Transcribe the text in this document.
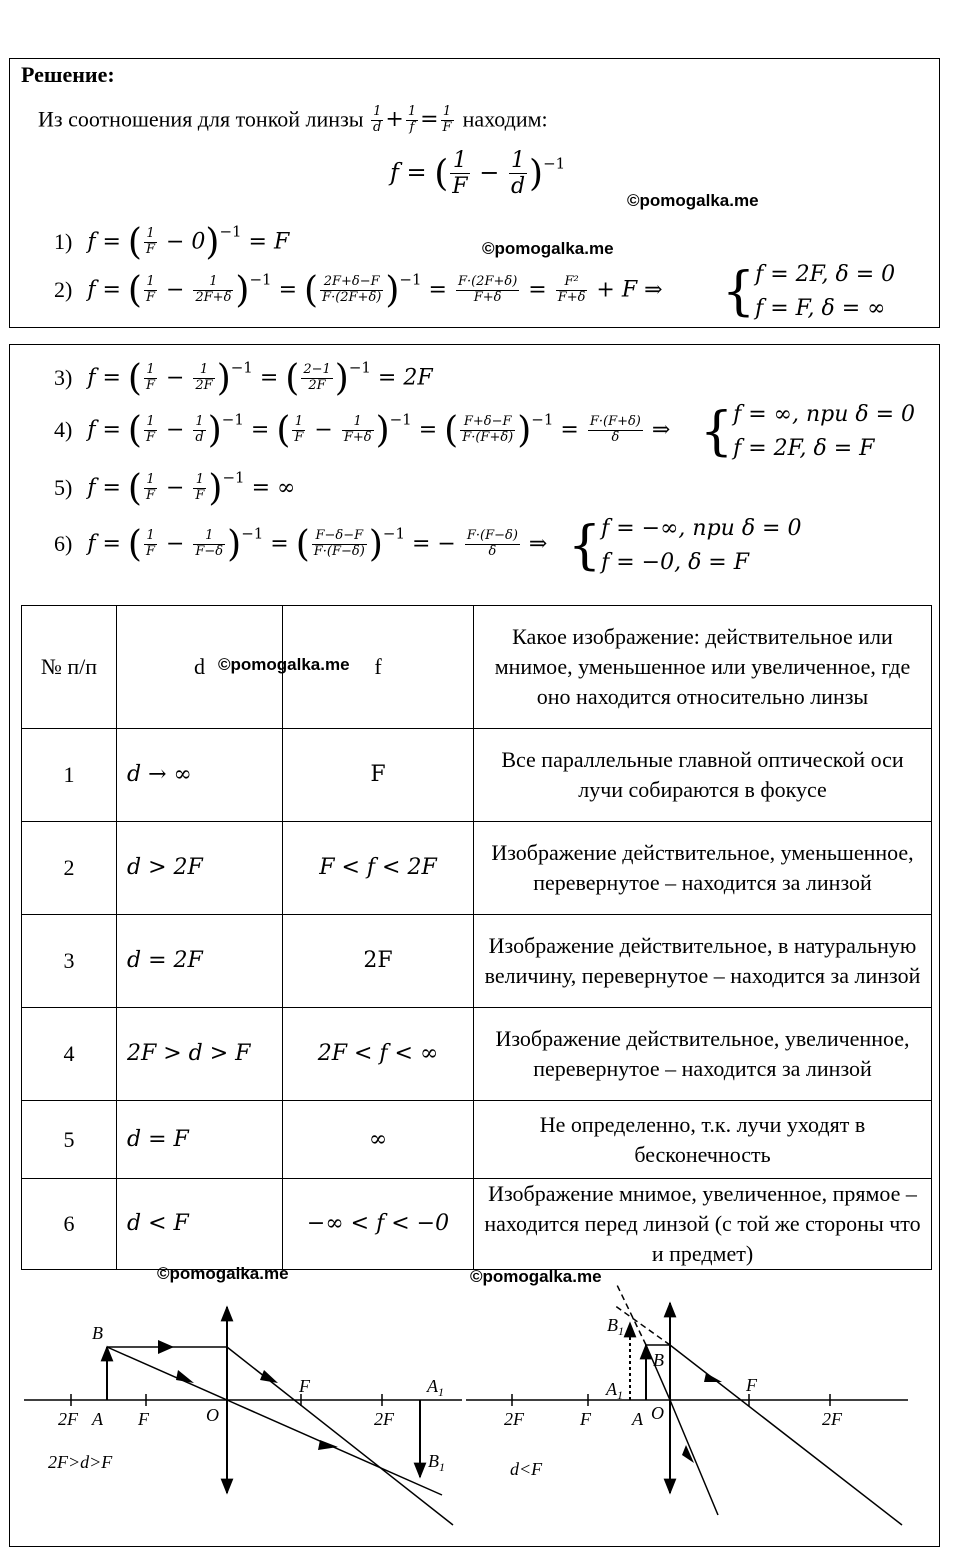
Решение:
Из соотношения для тонкой линзы $\frac{1}{d} + \frac{1}{f} = \frac{1}{F}$ находим:
f = ( $\frac{1}{F} - \frac{1}{d} )^{-1}$
©pomogalka.me
©pomogalka.me
1) f = ( $\frac{1}{F} - 0)^{-1} = F$
2) f = ( $\frac{1}{F} - \frac{1}{2F+\delta} )^{-1}$ = ( $\frac{2F+\delta-F}{F\cdot(2F+\delta)} )^{-1} = \frac{F\cdot(2F+\delta)}{F+\delta} = \frac{\text{F²}}{F+\delta} + F$ ⇒ { f = 2F, δ = 0
f = F, δ = ∞
3) f = ( $\frac{1}{F} - \frac{1}{2F} )^{-1}$ = ( $\frac{2-1}{2F} )^{-1} = 2F$
4) f = ( $\frac{1}{F} - \frac{1}{d} )^{-1}$ = ( $\frac{1}{F} - \frac{1}{F+\delta} )^{-1}$ = ( $\frac{F+\delta-F}{F\cdot(F+\delta)} )^{-1} = \frac{F\cdot(F+\delta)}{\delta}$ ⇒ { f = ∞, при δ = 0
f = 2F, δ = F
5) f = ( $\frac{1}{F} - \frac{1}{F} )^{-1}$ = ∞
6) f = ( $\frac{1}{F} - \frac{1}{F-\delta} )^{-1}$ = ( $\frac{F-\delta-F}{F\cdot(F-\delta)} )^{-1}$ = − $\frac{F\cdot(F-\delta)}{\delta}$ ⇒ { f = −∞, при δ = 0
f = −0, δ = F
№ п/п	d	f	Какое изображение: действительное или мнимое, уменьшенное или увеличенное, где оно находится относительно линзы
1	d → ∞	F	Все параллельные главной оптической оси лучи собираются в фокусе
2	d > 2F	F < f < 2F	Изображение действительное, уменьшенное, перевернутое – находится за линзой
3	d = 2F	2F	Изображение действительное, в натуральную величину, перевернутое – находится за линзой
4	2F > d > F	2F < f < ∞	Изображение действительное, увеличенное, перевернутое – находится за линзой
5	d = F	∞	Не определенно, т.к. лучи уходят в бесконечность
6	d < F	−∞ < f < −0	Изображение мнимое, увеличенное, прямое – находится перед линзой (с той же стороны что и предмет)
©pomogalka.me
©pomogalka.me	©pomogalka.me
B
2F A F	O
F
2F
$A_1$
$B_1$
2F>d>F
$B_1$
B
$A_1$
2F	F A O
F
2F
d<F
